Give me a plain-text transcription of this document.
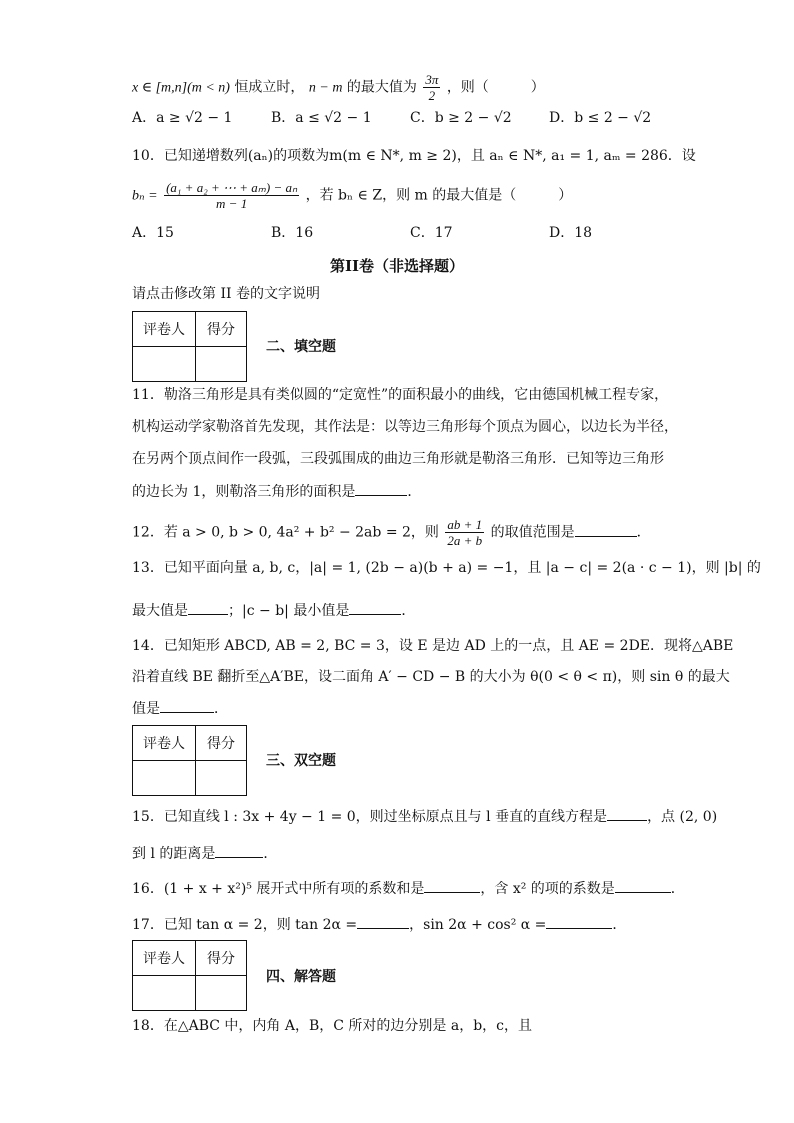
x ∈ [m,n](m < n) 恒成立时， n − m 的最大值为 $\frac{3\pi}{2}$ ，则（　　　）
A．a ≥ √2 − 1	B．a ≤ √2 − 1	C．b ≥ 2 − √2	D．b ≤ 2 − √2
10．已知递增数列(aₙ)的项数为m(m ∈ N*, m ≥ 2)，且 aₙ ∈ N*, a₁ = 1, aₘ = 286．设
$b_n = \frac{\text{(a₁ + a₂ + ⋯ + aₘ) − aₙ}}{m - 1}$ ，若 bₙ ∈ Z，则 m 的最大值是（　　　）
A．15	B．16	C．17	D．18
第II卷（非选择题）
请点击修改第 II 卷的文字说明
评卷人	得分

二、填空题
11．勒洛三角形是具有类似圆的“定宽性”的面积最小的曲线，它由德国机械工程专家，
机构运动学家勒洛首先发现，其作法是：以等边三角形每个顶点为圆心，以边长为半径，
在另两个顶点间作一段弧，三段弧围成的曲边三角形就是勒洛三角形．已知等边三角形
的边长为 1，则勒洛三角形的面积是	．
12．若 a > 0, b > 0, 4a² + b² − 2ab = 2，则 $\frac{ab + 1}{2a + b}$ 的取值范围是	．
13．已知平面向量 a, b, c，|a| = 1, (2b − a)(b + a) = −1，且 |a − c| = 2(a · c − 1)，则 |b| 的
最大值是	；|c − b| 最小值是	．
14．已知矩形 ABCD, AB = 2, BC = 3，设 E 是边 AD 上的一点，且 AE = 2DE．现将△ABE
沿着直线 BE 翻折至△A′BE，设二面角 A′ − CD − B 的大小为 θ(0 < θ < π)，则 sin θ 的最大
值是	．
评卷人	得分

三、双空题
15．已知直线 l : 3x + 4y − 1 = 0，则过坐标原点且与 l 垂直的直线方程是	，点 (2, 0)
到 l 的距离是	．
16．(1 + x + x²)⁵ 展开式中所有项的系数和是	，含 x² 的项的系数是	．
17．已知 tan α = 2，则 tan 2α =	，sin 2α + cos² α =	．
评卷人	得分

四、解答题
18．在△ABC 中，内角 A，B，C 所对的边分别是 a，b，c，且
